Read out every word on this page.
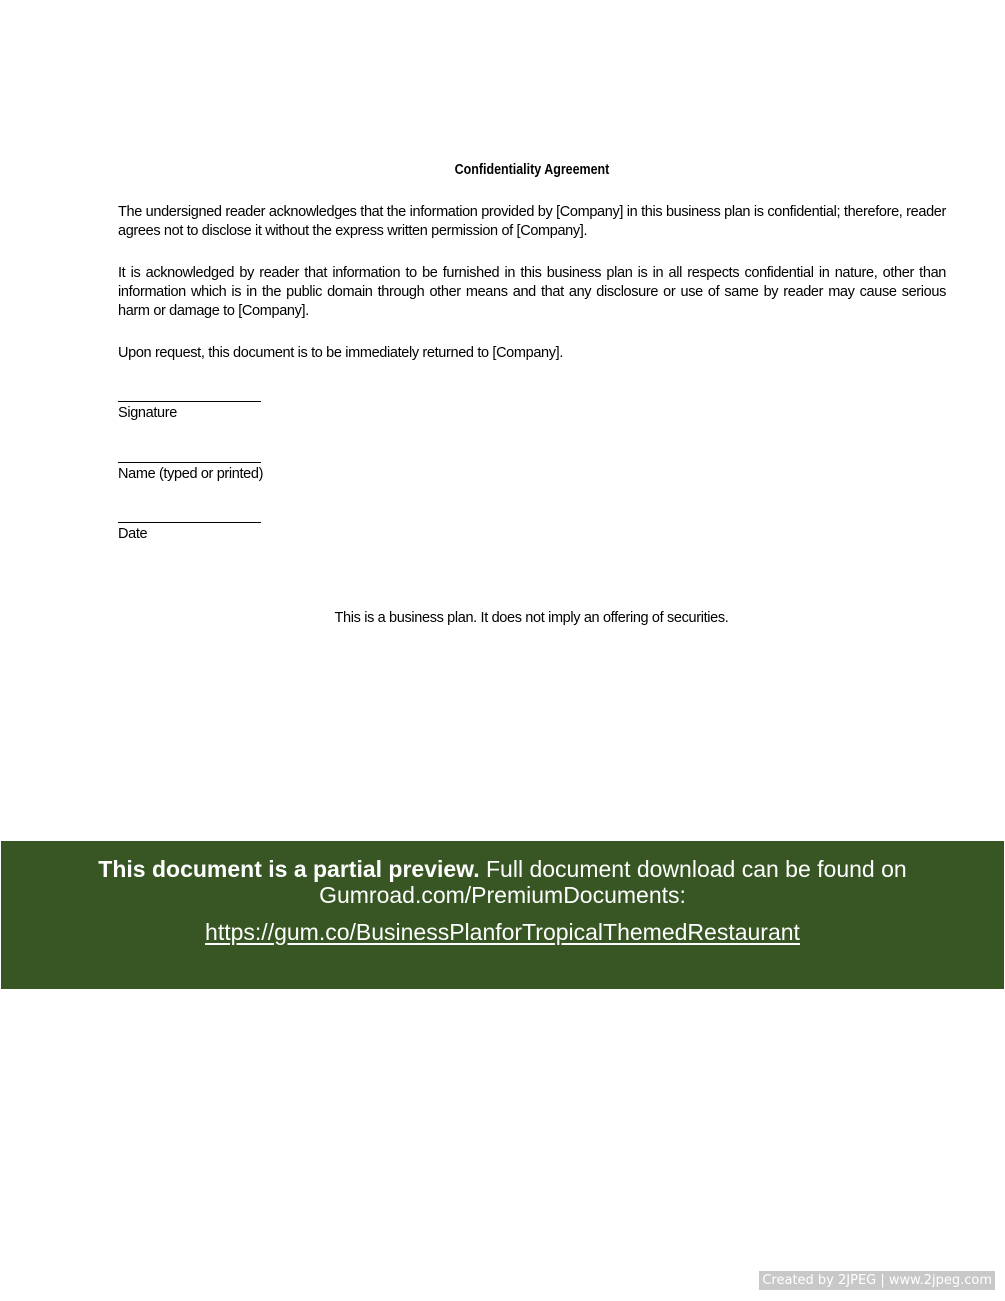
Confidentiality Agreement
The undersigned reader acknowledges that the information provided by [Company] in this business plan is confidential; therefore, reader agrees not to disclose it without the express written permission of [Company].
It is acknowledged by reader that information to be furnished in this business plan is in all respects confidential in nature, other than information which is in the public domain through other means and that any disclosure or use of same by reader may cause serious harm or damage to [Company].
Upon request, this document is to be immediately returned to [Company].
Signature
Name (typed or printed)
Date
This is a business plan. It does not imply an offering of securities.
This document is a partial preview. Full document download can be found on Gumroad.com/PremiumDocuments:
https://gum.co/BusinessPlanforTropicalThemedRestaurant
Created by 2JPEG | www.2jpeg.com
